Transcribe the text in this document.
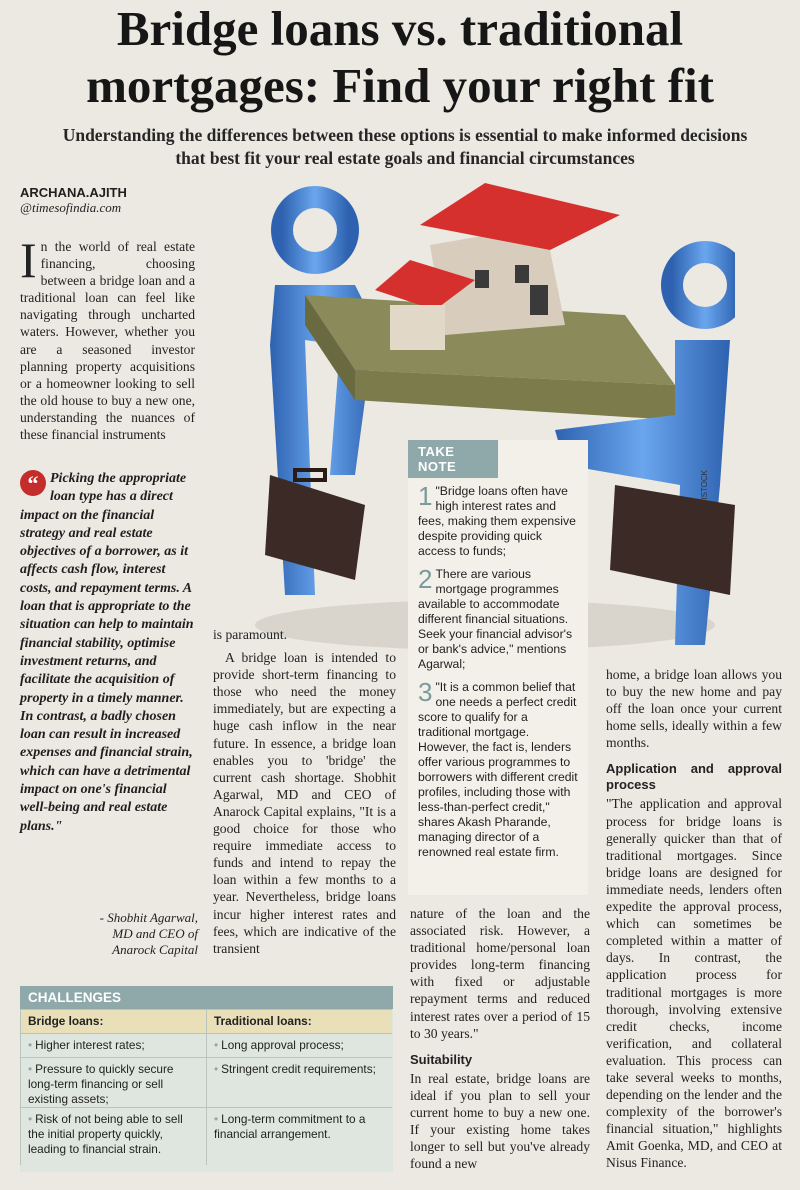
Bridge loans vs. traditional
mortgages: Find your right fit
Understanding the differences between these options is essential to make informed decisions that best fit your real estate goals and financial circumstances
ARCHANA.AJITH
@timesofindia.com

In the world of real estate financing, choosing between a bridge loan and a traditional loan can feel like navigating through uncharted waters. However, whether you are a seasoned investor planning property acquisitions or a homeowner looking to sell the old house to buy a new one, understanding the nuances of these financial instruments

“ Picking the appropriate loan type has a direct impact on the financial strategy and real estate objectives of a borrower, as it affects cash flow, interest costs, and repayment terms. A loan that is appropriate to the situation can help to maintain financial stability, optimise investment returns, and facilitate the acquisition of property in a timely manner. In contrast, a badly chosen loan can result in increased expenses and financial strain, which can have a detrimental impact on one's financial well-being and real estate plans."
- Shobhit Agarwal,
MD and CEO of
Anarock Capital
ISTOCK
TAKE NOTE
1 "Bridge loans often have high interest rates and fees, making them expensive despite providing quick access to funds;
2 There are various mortgage programmes available to accommodate different financial situations. Seek your financial advisor's or bank's advice," mentions Agarwal;
3 "It is a common belief that one needs a perfect credit score to qualify for a traditional mortgage. However, the fact is, lenders offer various programmes to borrowers with different credit profiles, including those with less-than-perfect credit," shares Akash Pharande, managing director of a renowned real estate firm.

is paramount.

A bridge loan is intended to provide short-term financing to those who need the money immediately, but are expecting a huge cash inflow in the near future. In essence, a bridge loan enables you to 'bridge' the current cash shortage. Shobhit Agarwal, MD and CEO of Anarock Capital explains, "It is a good choice for those who require immediate access to funds and intend to repay the loan within a few months to a year. Nevertheless, bridge loans incur higher interest rates and fees, which are indicative of the transient

nature of the loan and the associated risk. However, a traditional home/personal loan provides long-term financing with fixed or adjustable repayment terms and reduced interest rates over a period of 15 to 30 years."

Suitability

In real estate, bridge loans are ideal if you plan to sell your current home to buy a new one. If your existing home takes longer to sell but you've already found a new

home, a bridge loan allows you to buy the new home and pay off the loan once your current home sells, ideally within a few months.

Application and approval process

"The application and approval process for bridge loans is generally quicker than that of traditional mortgages. Since bridge loans are designed for immediate needs, lenders often expedite the approval process, which can sometimes be completed within a matter of days. In contrast, the application process for traditional mortgages is more thorough, involving extensive credit checks, income verification, and collateral evaluation. This process can take several weeks to months, depending on the lender and the complexity of the borrower's financial situation," highlights Amit Goenka, MD, and CEO at Nisus Finance.

CHALLENGES
Bridge loans:	Traditional loans:
• Higher interest rates;	• Long approval process;
• Pressure to quickly secure long-term financing or sell existing assets;
• Stringent credit requirements;
• Risk of not being able to sell the initial property quickly, leading to financial strain.
• Long-term commitment to a financial arrangement.
